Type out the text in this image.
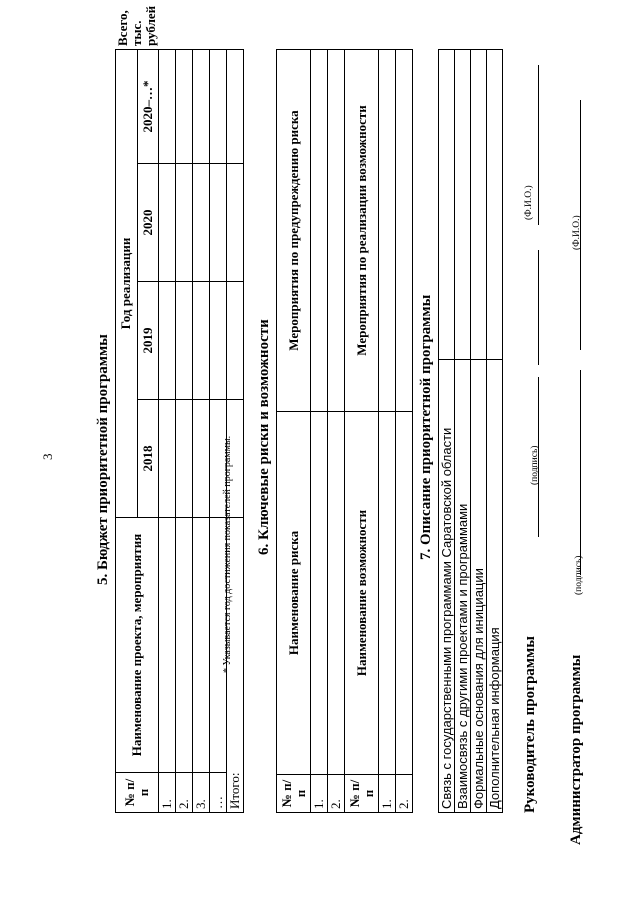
3	5. Бюджет приоритетной программы
№ п/п	Наименование проекта, мероприятия	Год реализации				Всего, тыс. рублей
		2018	2019	2020	2020–…*	
1.						
2.						
3.						
…						
Итого:						
* Указывается год достижения показателей программы. 6. Ключевые риски и возможности
№ п/п	Наименование риска	Мероприятия по предупреждению риска
1.		
2.		
№ п/п	Наименование возможности	Мероприятия по реализации возможности
1.		
2.		
7. Описание приоритетной программы
Связь с государственными программами Саратовской области	
Взаимосвязь с другими проектами и программами	
Формальные основания для инициации	
Дополнительная информация	Руководитель программы
(подпись)
(Ф.И.О.)
Администратор программы
(подпись)
(Ф.И.О.)
